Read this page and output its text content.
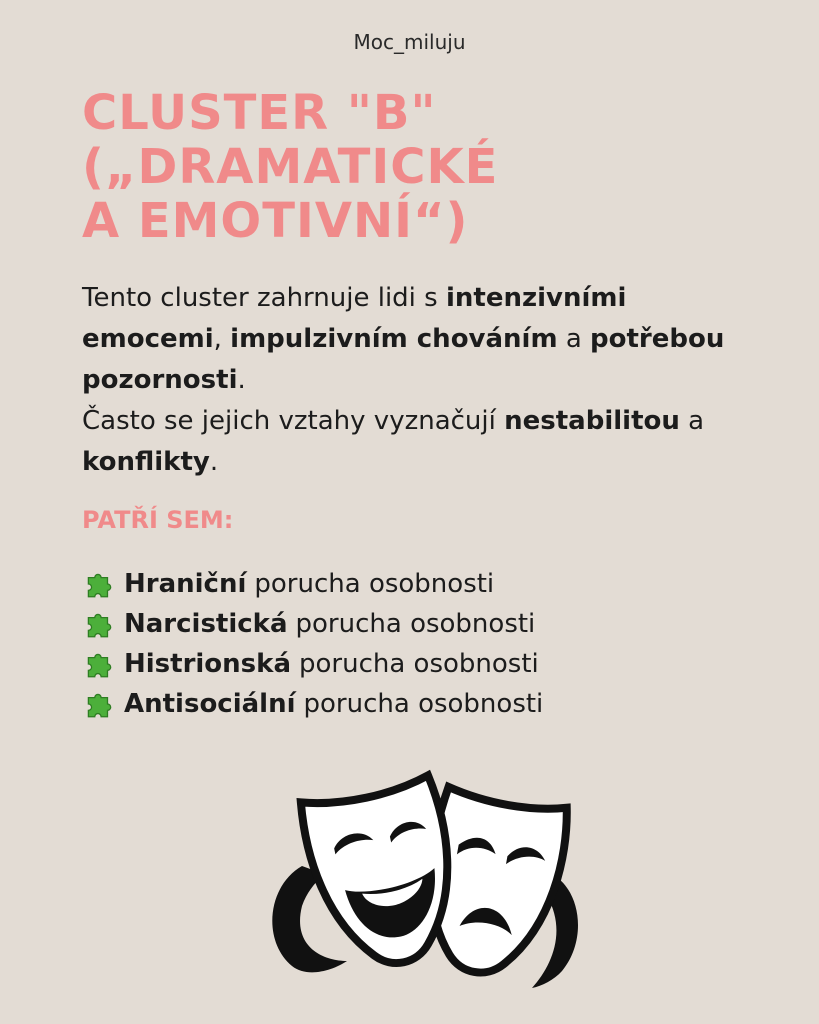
Moc_miluju
CLUSTER "B"
(„DRAMATICKÉ
A EMOTIVNÍ“)

Tento cluster zahrnuje lidi s intenzivními emocemi, impulzivním chováním a potřebou pozornosti.

Často se jejich vztahy vyznačují nestabilitou a konflikty.

PATŘÍ SEM:
Hraniční porucha osobnosti
Narcistická porucha osobnosti
Histrionská porucha osobnosti
Antisociální porucha osobnosti
